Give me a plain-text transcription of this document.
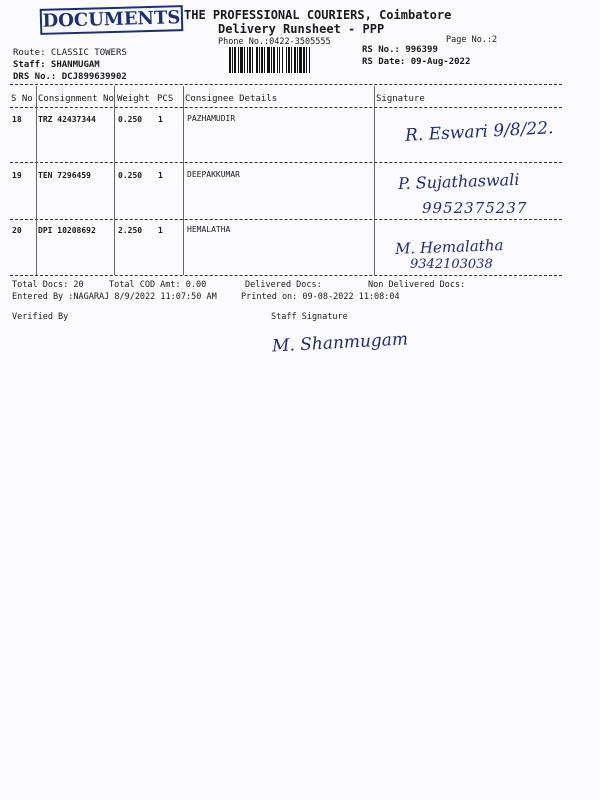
DOCUMENTS THE PROFESSIONAL COURIERS, Coimbatore
Delivery Runsheet - PPP
Phone No.:0422-3505555	Page No.:2
Route: CLASSIC TOWERS
Staff: SHANMUGAM
DRS No.: DCJ899639902
RS No.: 996399
RS Date: 09-Aug-2022
S No Consignment No Weight PCS Consignee Details	Signature
18 TRZ 42437344	0.250 1	PAZHAMUDIR	R. Eswari 9/8/22.
19 TEN 7296459	0.250 1	DEEPAKKUMAR	P. Sujathaswali
9952375237
20 DPI 10208692	2.250 1	HEMALATHA
M. Hemalatha
9342103038
Total Docs: 20	Total COD Amt: 0.00	Delivered Docs:	Non Delivered Docs:
Entered By :NAGARAJ 8/9/2022 11:07:50 AM	Printed on: 09-08-2022 11:08:04
Verified By	Staff Signature
M. Shanmugam
